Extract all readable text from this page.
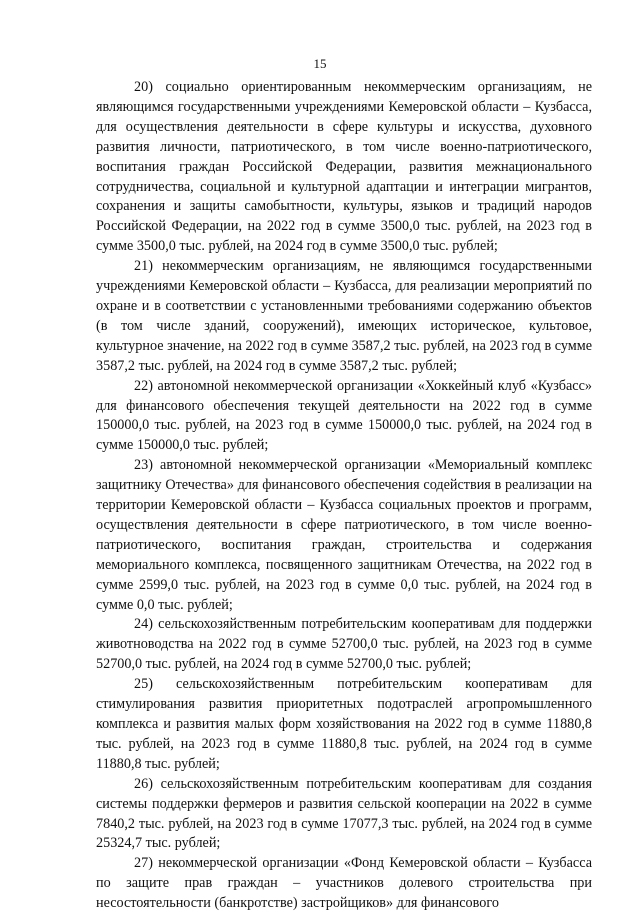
15

20) социально ориентированным некоммерческим организациям, не являющимся государственными учреждениями Кемеровской области – Кузбасса, для осуществления деятельности в сфере культуры и искусства, духовного развития личности, патриотического, в том числе военно-патриотического, воспитания граждан Российской Федерации, развития межнационального сотрудничества, социальной и культурной адаптации и интеграции мигрантов, сохранения и защиты самобытности, культуры, языков и традиций народов Российской Федерации, на 2022 год в сумме 3500,0 тыс. рублей, на 2023 год в сумме 3500,0 тыс. рублей, на 2024 год в сумме 3500,0 тыс. рублей;

21) некоммерческим организациям, не являющимся государственными учреждениями Кемеровской области – Кузбасса, для реализации мероприятий по охране и в соответствии с установленными требованиями содержанию объектов (в том числе зданий, сооружений), имеющих историческое, культовое, культурное значение, на 2022 год в сумме 3587,2 тыс. рублей, на 2023 год в сумме 3587,2 тыс. рублей, на 2024 год в сумме 3587,2 тыс. рублей;

22) автономной некоммерческой организации «Хоккейный клуб «Кузбасс» для финансового обеспечения текущей деятельности на 2022 год в сумме 150000,0 тыс. рублей, на 2023 год в сумме 150000,0 тыс. рублей, на 2024 год в сумме 150000,0 тыс. рублей;

23) автономной некоммерческой организации «Мемориальный комплекс защитнику Отечества» для финансового обеспечения содействия в реализации на территории Кемеровской области – Кузбасса социальных проектов и программ, осуществления деятельности в сфере патриотического, в том числе военно-патриотического, воспитания граждан, строительства и содержания мемориального комплекса, посвященного защитникам Отечества, на 2022 год в сумме 2599,0 тыс. рублей, на 2023 год в сумме 0,0 тыс. рублей, на 2024 год в сумме 0,0 тыс. рублей;

24) сельскохозяйственным потребительским кооперативам для поддержки животноводства на 2022 год в сумме 52700,0 тыс. рублей, на 2023 год в сумме 52700,0 тыс. рублей, на 2024 год в сумме 52700,0 тыс. рублей;

25) сельскохозяйственным потребительским кооперативам для стимулирования развития приоритетных подотраслей агропромышленного комплекса и развития малых форм хозяйствования на 2022 год в сумме 11880,8 тыс. рублей, на 2023 год в сумме 11880,8 тыс. рублей, на 2024 год в сумме 11880,8 тыс. рублей;

26) сельскохозяйственным потребительским кооперативам для создания системы поддержки фермеров и развития сельской кооперации на 2022 в сумме 7840,2 тыс. рублей, на 2023 год в сумме 17077,3 тыс. рублей, на 2024 год в сумме 25324,7 тыс. рублей;

27) некоммерческой организации «Фонд Кемеровской области – Кузбасса по защите прав граждан – участников долевого строительства при несостоятельности (банкротстве) застройщиков» для финансового
